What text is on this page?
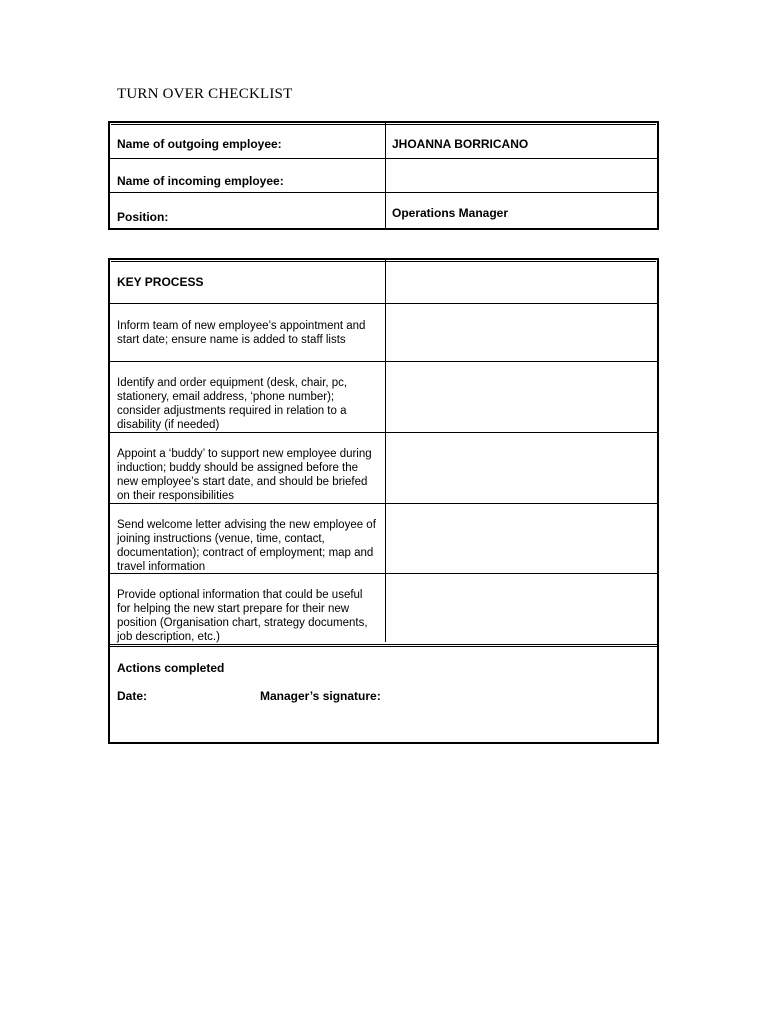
TURN OVER CHECKLIST
Name of outgoing employee:	JHOANNA BORRICANO
Name of incoming employee:
Position:	Operations Manager
KEY PROCESS
Inform team of new employee’s appointment and start date; ensure name is added to staff lists
Identify and order equipment (desk, chair, pc, stationery, email address, ‘phone number); consider adjustments required in relation to a disability (if needed)
Appoint a ‘buddy’ to support new employee during induction; buddy should be assigned before the new employee’s start date, and should be briefed on their responsibilities
Send welcome letter advising the new employee of joining instructions (venue, time, contact, documentation); contract of employment; map and travel information
Provide optional information that could be useful for helping the new start prepare for their new position (Organisation chart, strategy documents, job description, etc.)
Actions completed
Date:	Manager’s signature:
